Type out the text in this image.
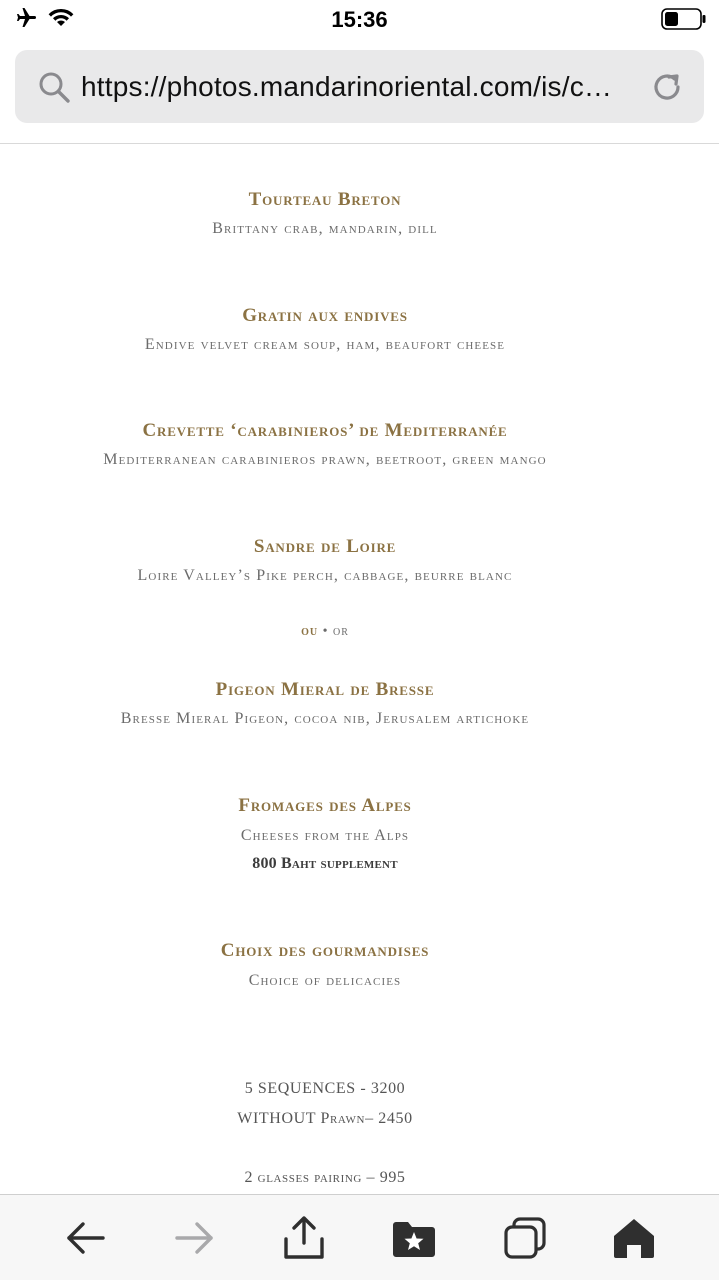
15:36
https://photos.mandarinoriental.com/is/c…
Tourteau Breton
Brittany crab, mandarin, dill
Gratin aux endives
Endive velvet cream soup, ham, beaufort cheese
Crevette ‘carabinieros’ de Mediterranée
Mediterranean carabinieros prawn, beetroot, green mango
Sandre de Loire
Loire Valley’s Pike perch, cabbage, beurre blanc
ou • or
Pigeon Mieral de Bresse
Bresse Mieral Pigeon, cocoa nib, Jerusalem artichoke
Fromages des Alpes
Cheeses from the Alps
800 Baht supplement
Choix des gourmandises
Choice of delicacies
5 SEQUENCES - 3200
WITHOUT Prawn– 2450
2 glasses pairing – 995
